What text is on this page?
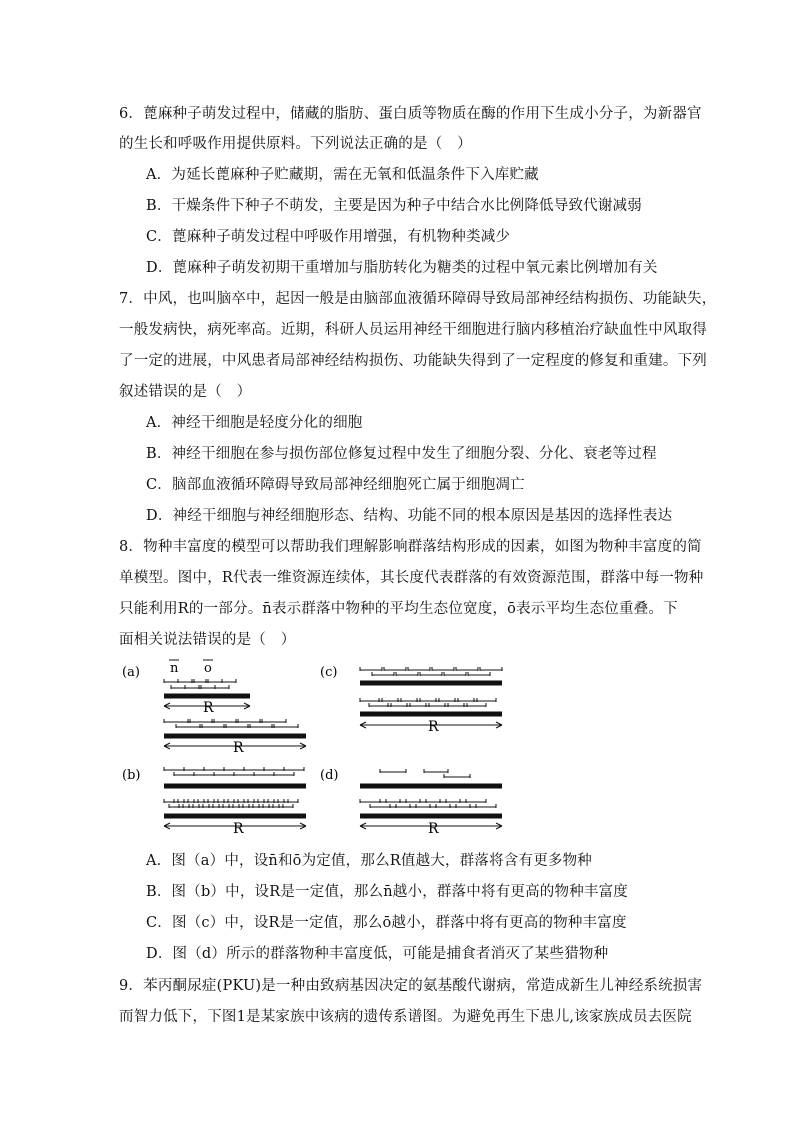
6．蓖麻种子萌发过程中，储藏的脂肪、蛋白质等物质在酶的作用下生成小分子，为新器官
的生长和呼吸作用提供原料。下列说法正确的是（　）
A．为延长蓖麻种子贮藏期，需在无氧和低温条件下入库贮藏
B．干燥条件下种子不萌发，主要是因为种子中结合水比例降低导致代谢减弱
C．蓖麻种子萌发过程中呼吸作用增强，有机物种类减少
D．蓖麻种子萌发初期干重增加与脂肪转化为糖类的过程中氧元素比例增加有关
7．中风，也叫脑卒中，起因一般是由脑部血液循环障碍导致局部神经结构损伤、功能缺失，
一般发病快，病死率高。近期，科研人员运用神经干细胞进行脑内移植治疗缺血性中风取得
了一定的进展，中风患者局部神经结构损伤、功能缺失得到了一定程度的修复和重建。下列
叙述错误的是（　）
A．神经干细胞是轻度分化的细胞
B．神经干细胞在参与损伤部位修复过程中发生了细胞分裂、分化、衰老等过程
C．脑部血液循环障碍导致局部神经细胞死亡属于细胞凋亡
D．神经干细胞与神经细胞形态、结构、功能不同的根本原因是基因的选择性表达
8．物种丰富度的模型可以帮助我们理解影响群落结构形成的因素，如图为物种丰富度的简
单模型。图中，R代表一维资源连续体，其长度代表群落的有效资源范围，群落中每一物种
只能利用R的一部分。n̄表示群落中物种的平均生态位宽度，ō表示平均生态位重叠。下
面相关说法错误的是（　）
(a)
(b)
(c)
(d)
n o
R
R
R
R
R
A．图（a）中，设n̄和ō为定值，那么R值越大，群落将含有更多物种
B．图（b）中，设R是一定值，那么n̄越小，群落中将有更高的物种丰富度
C．图（c）中，设R是一定值，那么ō越小，群落中将有更高的物种丰富度
D．图（d）所示的群落物种丰富度低，可能是捕食者消灭了某些猎物种
9．苯丙酮尿症(PKU)是一种由致病基因决定的氨基酸代谢病，常造成新生儿神经系统损害
而智力低下，下图1是某家族中该病的遗传系谱图。为避免再生下患儿,该家族成员去医院
